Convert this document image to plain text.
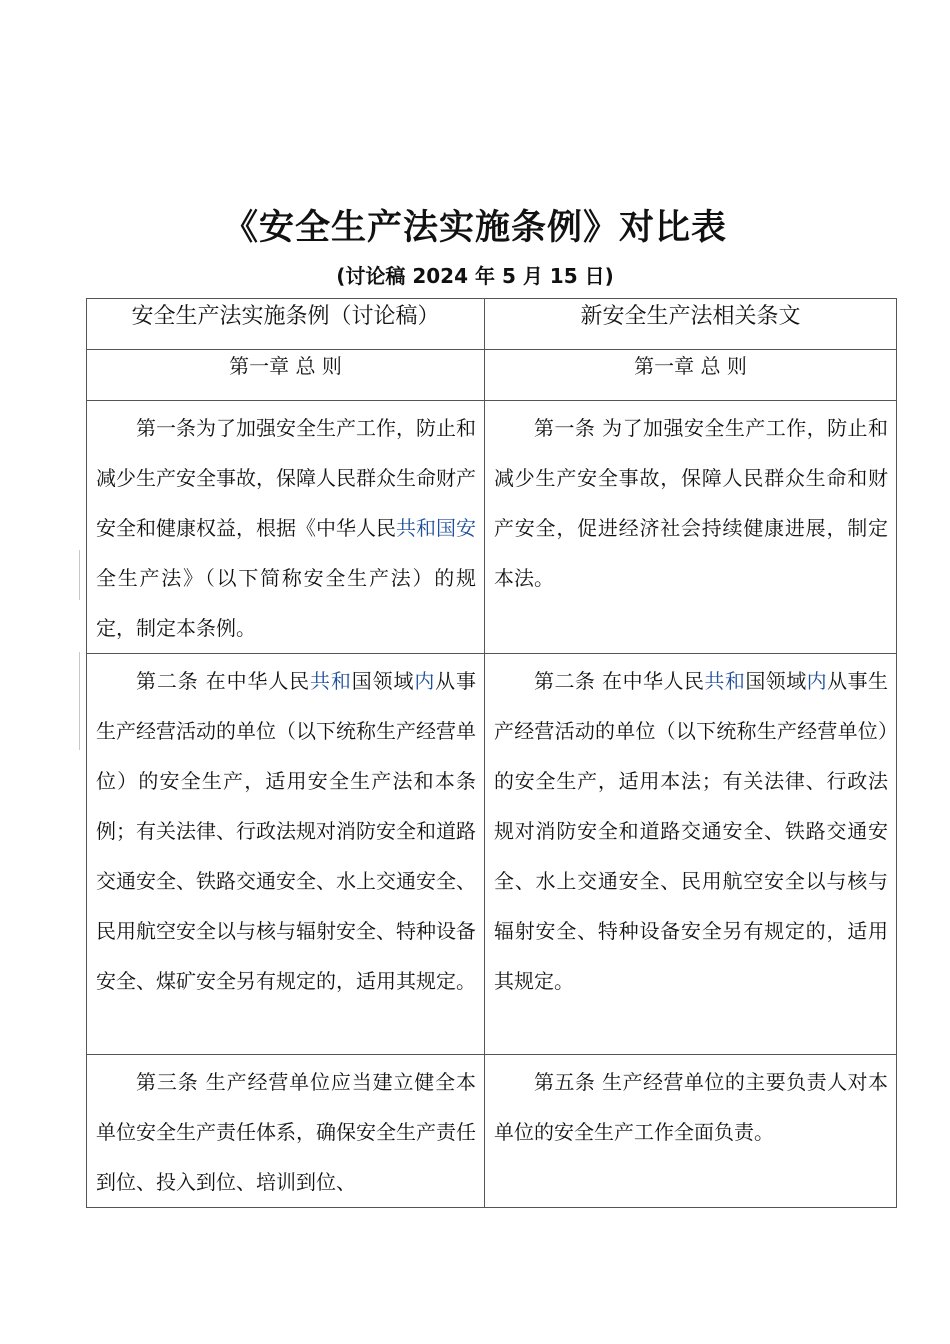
《安全生产法实施条例》对比表
(讨论稿 2024 年 5 月 15 日)
安全生产法实施条例（讨论稿）	新安全生产法相关条文
第一章 总 则	第一章 总 则

第一条为了加强安全生产工作，防止和减少生产安全事故，保障人民群众生命财产安全和健康权益，根据《中华人民共和国安全生产法》（以下简称安全生产法）的规定，制定本条例。	第一条 为了加强安全生产工作，防止和减少生产安全事故，保障人民群众生命和财产安全，促进经济社会持续健康进展，制定本法。

第二条 在中华人民共和国领域内从事生产经营活动的单位（以下统称生产经营单位）的安全生产，适用安全生产法和本条例；有关法律、行政法规对消防安全和道路交通安全、铁路交通安全、水上交通安全、民用航空安全以与核与辐射安全、特种设备安全、煤矿安全另有规定的，适用其规定。	第二条 在中华人民共和国领域内从事生产经营活动的单位（以下统称生产经营单位）的安全生产，适用本法；有关法律、行政法规对消防安全和道路交通安全、铁路交通安全、水上交通安全、民用航空安全以与核与辐射安全、特种设备安全另有规定的，适用其规定。

第三条 生产经营单位应当建立健全本单位安全生产责任体系，确保安全生产责任到位、投入到位、培训到位、	第五条 生产经营单位的主要负责人对本单位的安全生产工作全面负责。
